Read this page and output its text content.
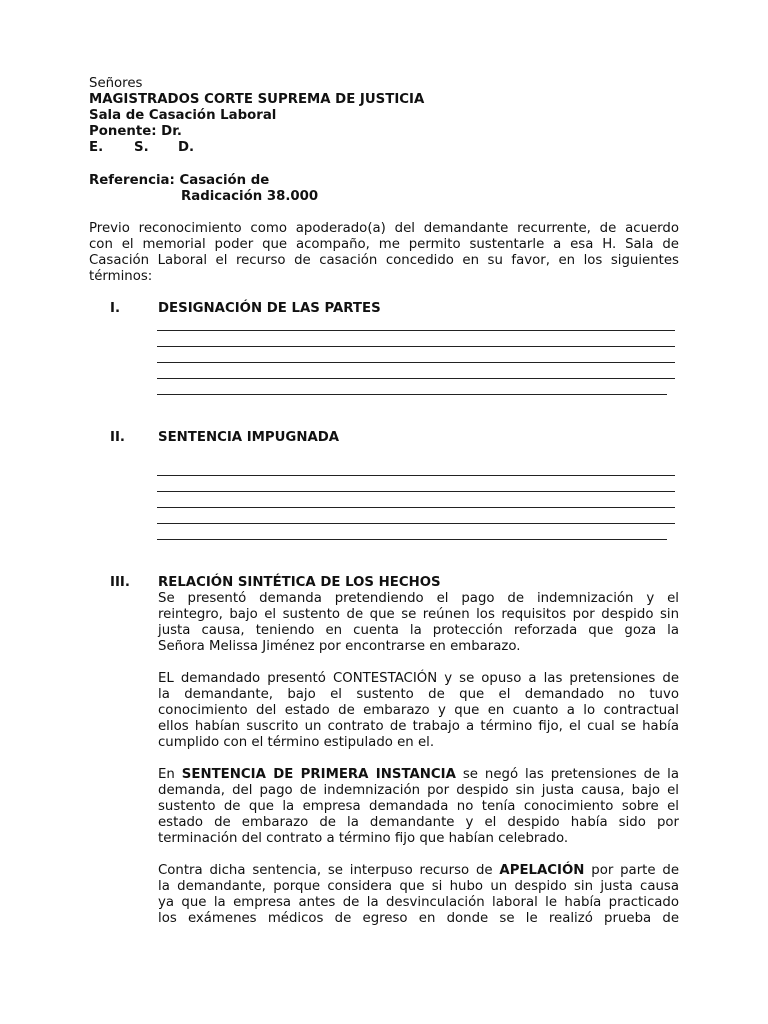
Señores
MAGISTRADOS CORTE SUPREMA DE JUSTICIA
Sala de Casación Laboral
Ponente: Dr.
E. S. D.
Referencia: Casación de
Radicación 38.000
Previo reconocimiento como apoderado(a) del demandante recurrente, de acuerdo
con el memorial poder que acompaño, me permito sustentarle a esa H. Sala de
Casación Laboral el recurso de casación concedido en su favor, en los siguientes
términos:
I.	DESIGNACIÓN DE LAS PARTES
II. SENTENCIA IMPUGNADA
III. RELACIÓN SINTÉTICA DE LOS HECHOS
Se presentó demanda pretendiendo el pago de indemnización y el
reintegro, bajo el sustento de que se reúnen los requisitos por despido sin
justa causa, teniendo en cuenta la protección reforzada que goza la
Señora Melissa Jiménez por encontrarse en embarazo.
EL demandado presentó CONTESTACIÓN y se opuso a las pretensiones de
la demandante, bajo el sustento de que el demandado no tuvo
conocimiento del estado de embarazo y que en cuanto a lo contractual
ellos habían suscrito un contrato de trabajo a término fijo, el cual se había
cumplido con el término estipulado en el.
En SENTENCIA DE PRIMERA INSTANCIA se negó las pretensiones de la
demanda, del pago de indemnización por despido sin justa causa, bajo el
sustento de que la empresa demandada no tenía conocimiento sobre el
estado de embarazo de la demandante y el despido había sido por
terminación del contrato a término fijo que habían celebrado.
Contra dicha sentencia, se interpuso recurso de APELACIÓN por parte de
la demandante, porque considera que si hubo un despido sin justa causa
ya que la empresa antes de la desvinculación laboral le había practicado
los exámenes médicos de egreso en donde se le realizó prueba de
